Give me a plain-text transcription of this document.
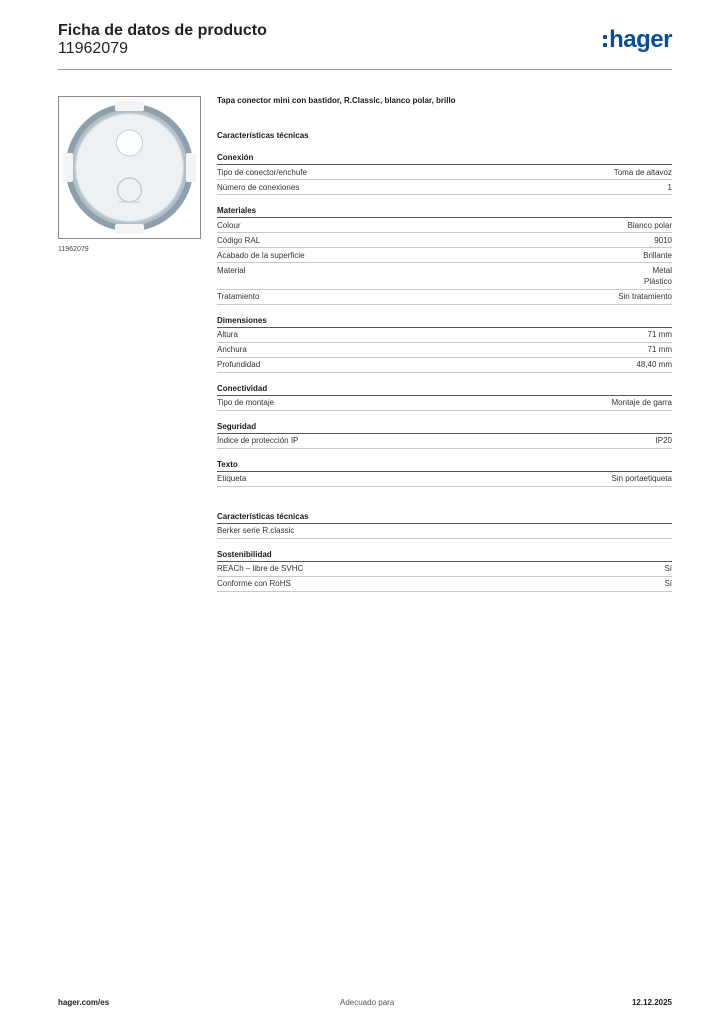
Ficha de datos de producto
11962079	hager
11962079
Tapa conector mini con bastidor, R.Classic, blanco polar, brillo
Características técnicas
Conexión
Tipo de conector/enchufe	Toma de altavoz
Número de conexiones	1
Materiales
Colour	Blanco polar
Código RAL	9010
Acabado de la superficie	Brillante
Material	Metal
Plástico
Tratamiento	Sin tratamiento
Dimensiones
Altura	71 mm
Anchura	71 mm
Profundidad	48,40 mm
Conectividad
Tipo de montaje	Montaje de garra
Seguridad
Índice de protección IP	IP20
Texto
Etiqueta	Sin portaetiqueta
Características técnicas
Berker serie R.classic
Sostenibilidad
REACh – libre de SVHC	Sí
Conforme con RoHS	Sí
hager.com/es	Adecuado para	12.12.2025
